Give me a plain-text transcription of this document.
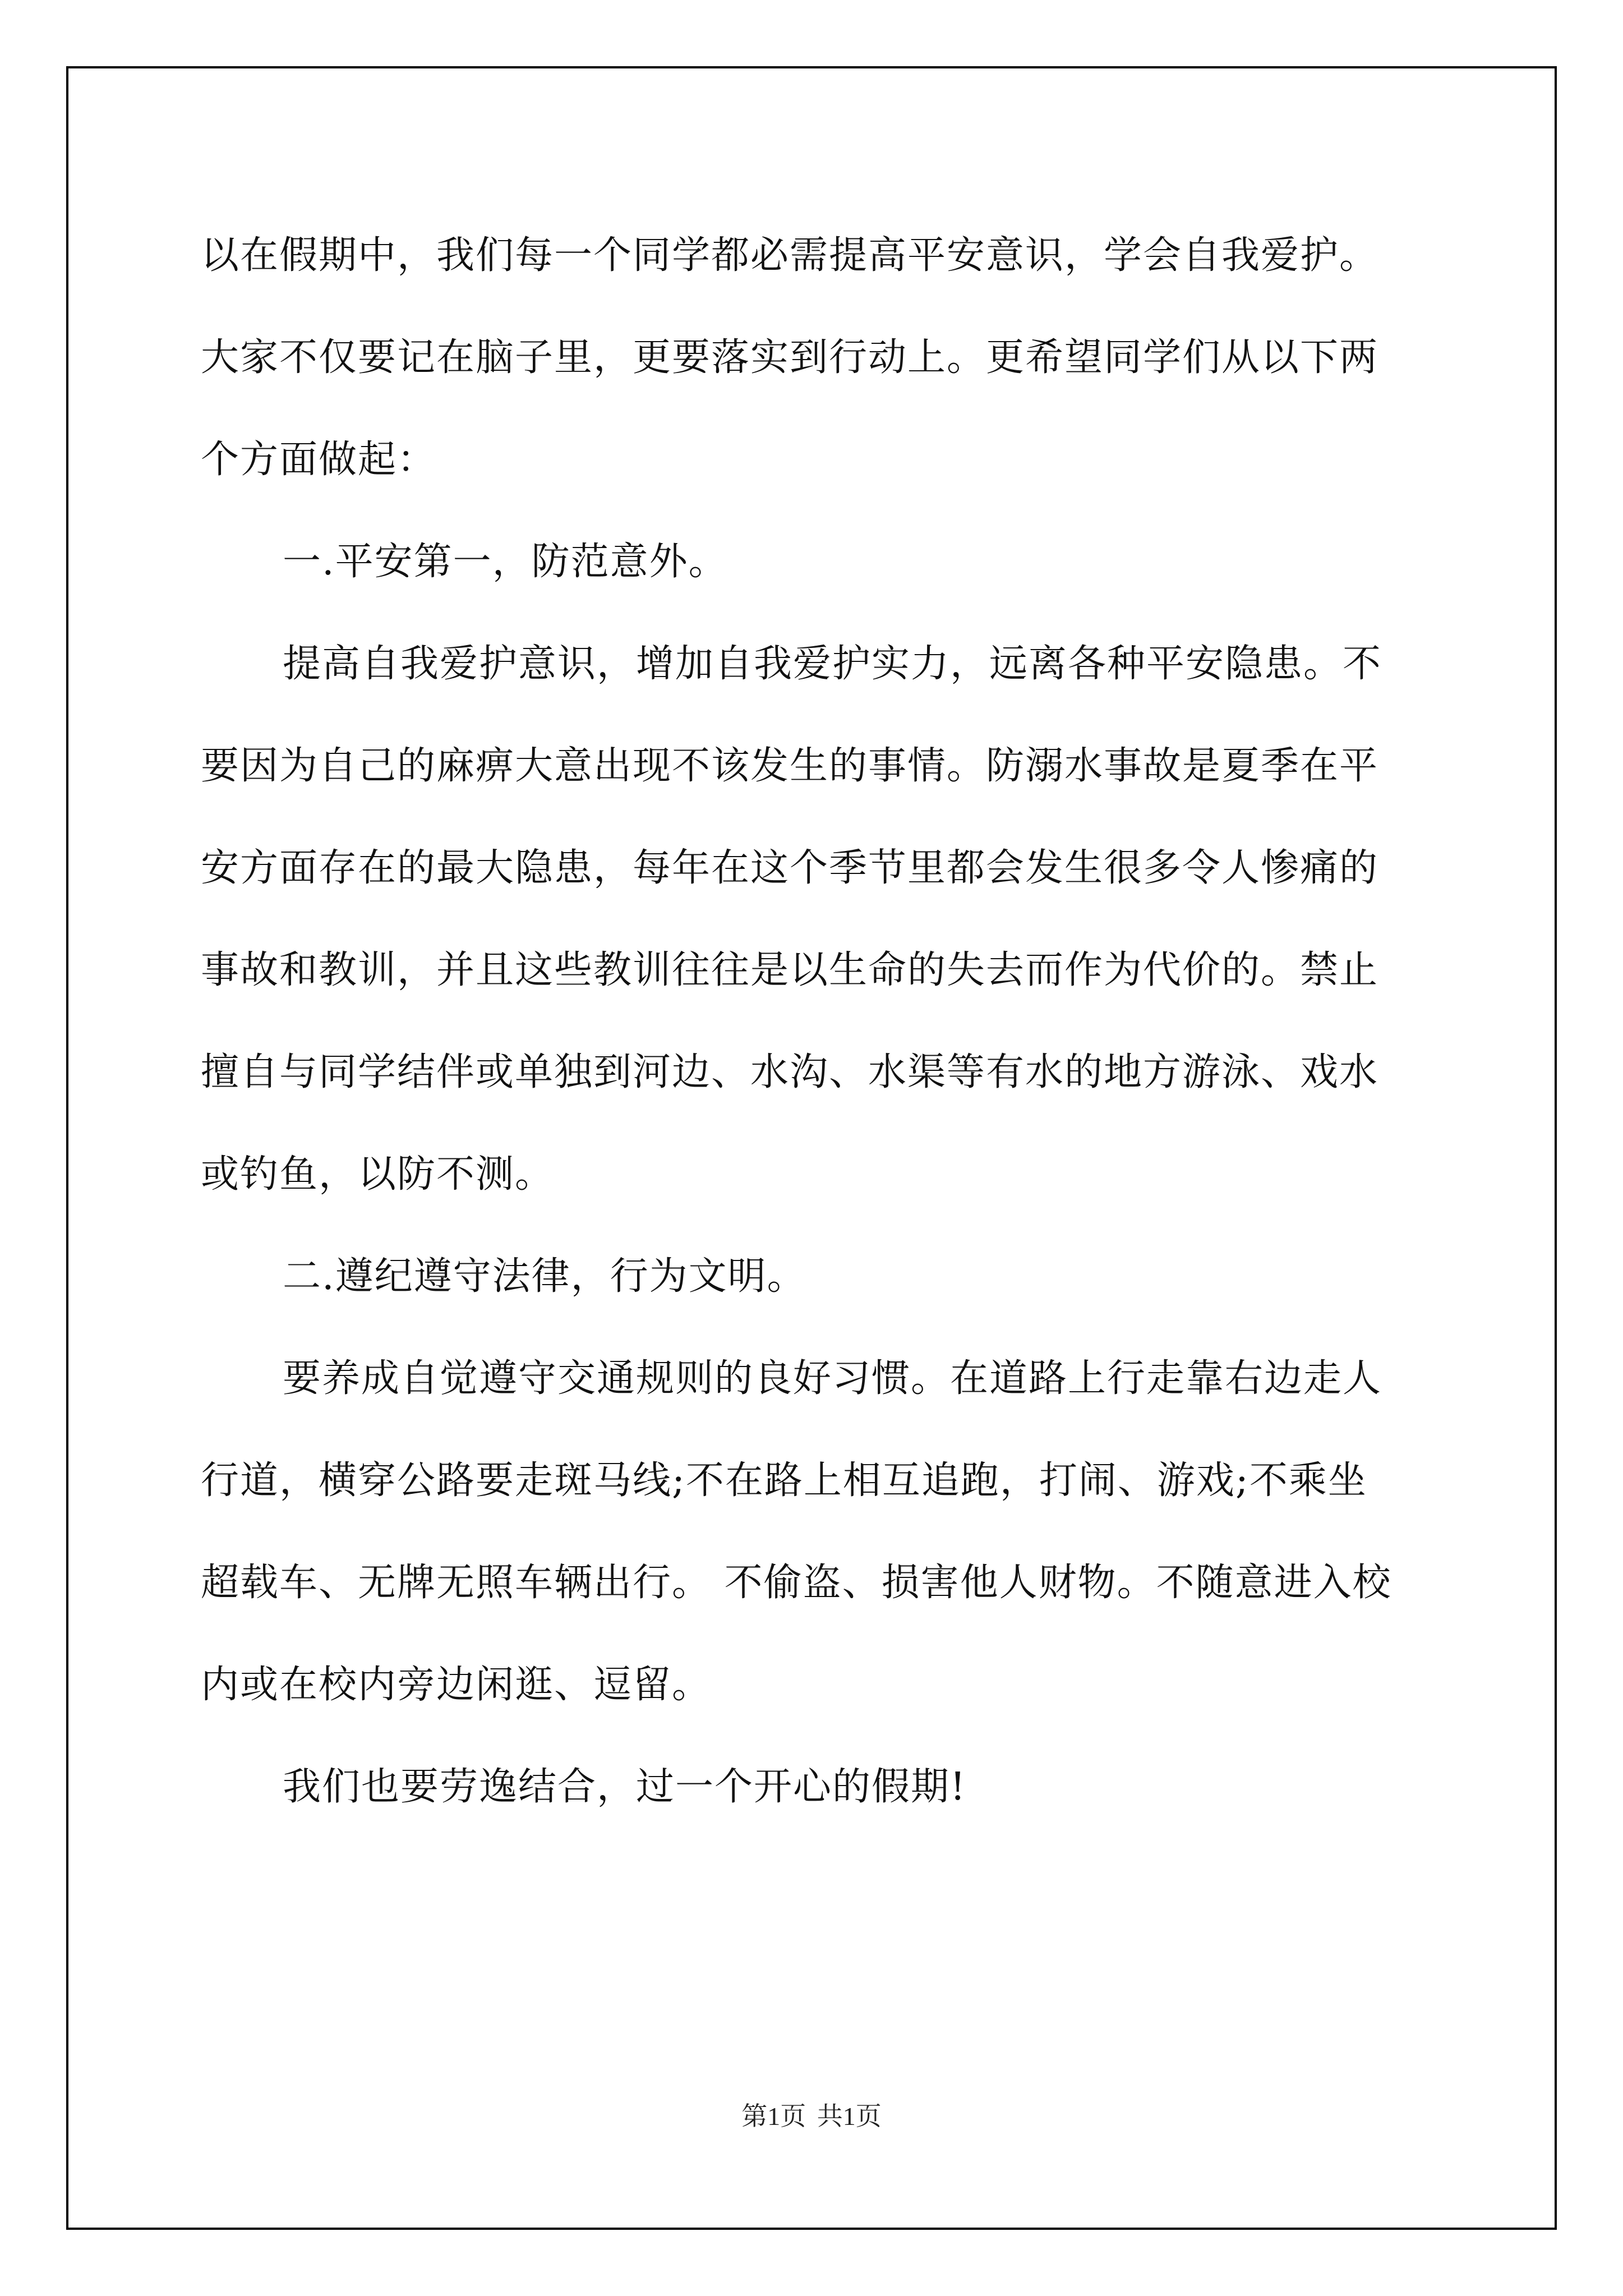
以在假期中，我们每一个同学都必需提高平安意识，学会自我爱护。
大家不仅要记在脑子里，更要落实到行动上。更希望同学们从以下两
个方面做起：
一.平安第一，防范意外。
提高自我爱护意识，增加自我爱护实力，远离各种平安隐患。不
要因为自己的麻痹大意出现不该发生的事情。防溺水事故是夏季在平
安方面存在的最大隐患，每年在这个季节里都会发生很多令人惨痛的
事故和教训，并且这些教训往往是以生命的失去而作为代价的。禁止
擅自与同学结伴或单独到河边、水沟、水渠等有水的地方游泳、戏水
或钓鱼，以防不测。
二.遵纪遵守法律，行为文明。
要养成自觉遵守交通规则的良好习惯。在道路上行走靠右边走人
行道，横穿公路要走斑马线;不在路上相互追跑，打闹、游戏;不乘坐
超载车、无牌无照车辆出行。 不偷盗、损害他人财物。不随意进入校
内或在校内旁边闲逛、逗留。
我们也要劳逸结合，过一个开心的假期!
第1页 共1页
